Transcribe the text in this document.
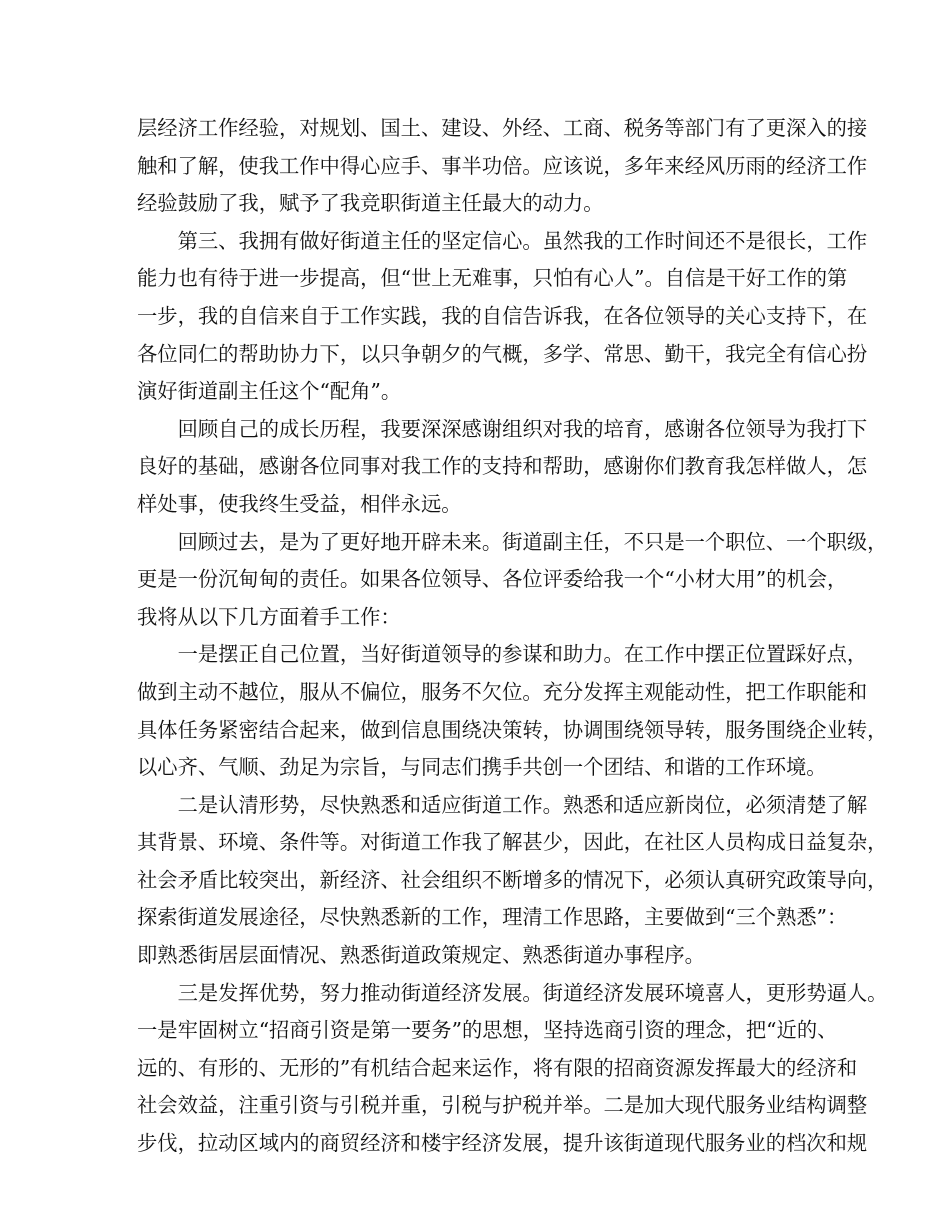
层经济工作经验，对规划、国土、建设、外经、工商、税务等部门有了更深入的接
触和了解，使我工作中得心应手、事半功倍。应该说，多年来经风历雨的经济工作
经验鼓励了我，赋予了我竞职街道主任最大的动力。
第三、我拥有做好街道主任的坚定信心。虽然我的工作时间还不是很长，工作
能力也有待于进一步提高，但“世上无难事，只怕有心人”。自信是干好工作的第
一步，我的自信来自于工作实践，我的自信告诉我，在各位领导的关心支持下，在
各位同仁的帮助协力下，以只争朝夕的气概，多学、常思、勤干，我完全有信心扮
演好街道副主任这个“配角”。
回顾自己的成长历程，我要深深感谢组织对我的培育，感谢各位领导为我打下
良好的基础，感谢各位同事对我工作的支持和帮助，感谢你们教育我怎样做人，怎
样处事，使我终生受益，相伴永远。
回顾过去，是为了更好地开辟未来。街道副主任，不只是一个职位、一个职级，
更是一份沉甸甸的责任。如果各位领导、各位评委给我一个“小材大用”的机会，
我将从以下几方面着手工作：
一是摆正自己位置，当好街道领导的参谋和助力。在工作中摆正位置踩好点，
做到主动不越位，服从不偏位，服务不欠位。充分发挥主观能动性，把工作职能和
具体任务紧密结合起来，做到信息围绕决策转，协调围绕领导转，服务围绕企业转，
以心齐、气顺、劲足为宗旨，与同志们携手共创一个团结、和谐的工作环境。
二是认清形势，尽快熟悉和适应街道工作。熟悉和适应新岗位，必须清楚了解
其背景、环境、条件等。对街道工作我了解甚少，因此，在社区人员构成日益复杂，
社会矛盾比较突出，新经济、社会组织不断增多的情况下，必须认真研究政策导向，
探索街道发展途径，尽快熟悉新的工作，理清工作思路，主要做到“三个熟悉”：
即熟悉街居层面情况、熟悉街道政策规定、熟悉街道办事程序。
三是发挥优势，努力推动街道经济发展。街道经济发展环境喜人，更形势逼人。
一是牢固树立“招商引资是第一要务”的思想，坚持选商引资的理念，把“近的、
远的、有形的、无形的”有机结合起来运作，将有限的招商资源发挥最大的经济和
社会效益，注重引资与引税并重，引税与护税并举。二是加大现代服务业结构调整
步伐，拉动区域内的商贸经济和楼宇经济发展，提升该街道现代服务业的档次和规
